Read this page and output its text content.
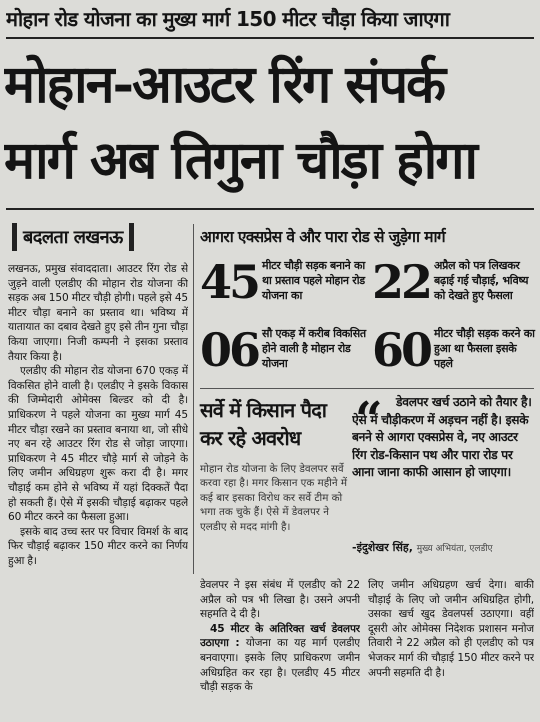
मोहान रोड योजना का मुख्य मार्ग 150 मीटर चौड़ा किया जाएगा
मोहान-आउटर रिंग संपर्क
मार्ग अब तिगुना चौड़ा होगा
बदलता लखनऊ	आगरा एक्सप्रेस वे और पारा रोड से जुड़ेगा मार्ग

लखनऊ, प्रमुख संवाददाता। आउटर रिंग रोड से जुड़ने वाली एलडीए की मोहान रोड योजना की सड़क अब 150 मीटर चौड़ी होगी। पहले इसे 45 मीटर चौड़ा बनाने का प्रस्ताव था। भविष्य में यातायात का दबाव देखते हुए इसे तीन गुना चौड़ा किया जाएगा। निजी कम्पनी ने इसका प्रस्ताव तैयार किया है।

एलडीए की मोहान रोड योजना 670 एकड़ में विकसित होने वाली है। एलडीए ने इसके विकास की जिम्मेदारी ओमेक्स बिल्डर को दी है। प्राधिकरण ने पहले योजना का मुख्य मार्ग 45 मीटर चौड़ा रखने का प्रस्ताव बनाया था, जो सीधे नए बन रहे आउटर रिंग रोड से जोड़ा जाएगा। प्राधिकरण ने 45 मीटर चौड़े मार्ग से जोड़ने के लिए जमीन अधिग्रहण शुरू करा दी है। मगर चौड़ाई कम होने से भविष्य में यहां दिक्कतें पैदा हो सकती हैं। ऐसे में इसकी चौड़ाई बढ़ाकर पहले 60 मीटर करने का फैसला हुआ।

इसके बाद उच्च स्तर पर विचार विमर्श के बाद फिर चौड़ाई बढ़ाकर 150 मीटर करने का निर्णय हुआ है।

45 मीटर चौड़ी सड़क बनाने का था प्रस्ताव पहले मोहान रोड योजना का	22 अप्रैल को पत्र लिखकर बढ़ाई गई चौड़ाई, भविष्य को देखते हुए फैसला
06 सौ एकड़ में करीब विकसित होने वाली है मोहान रोड योजना	60 मीटर चौड़ी सड़क करने का हुआ था फैसला इसके पहले
सर्वे में किसान पैदा कर रहे अवरोध
मोहान रोड योजना के लिए डेवलपर सर्वे करवा रहा है। मगर किसान एक महीने में कई बार इसका विरोध कर सर्वे टीम को भगा तक चुके हैं। ऐसे में डेवलपर ने एलडीए से मदद मांगी है।
“	डेवलपर खर्च उठाने को तैयार है। ऐसे में चौड़ीकरण में अड़चन नहीं है। इसके बनने से आगरा एक्सप्रेस वे, नए आउटर रिंग रोड-किसान पथ और पारा रोड पर आना जाना काफी आसान हो जाएगा।
-इंदुशेखर सिंह, मुख्य अभियंता, एलडीए

डेवलपर ने इस संबंध में एलडीए को 22 अप्रैल को पत्र भी लिखा है। उसने अपनी सहमति दे दी है।

45 मीटर के अतिरिक्त खर्च डेवलपर उठाएगा : योजना का यह मार्ग एलडीए बनवाएगा। इसके लिए प्राधिकरण जमीन अधिग्रहित कर रहा है। एलडीए 45 मीटर चौड़ी सड़क के

लिए जमीन अधिग्रहण खर्च देगा। बाकी चौड़ाई के लिए जो जमीन अधिग्रहित होगी, उसका खर्च खुद डेवलपर्स उठाएगा। वहीं दूसरी ओर ओमेक्स निदेशक प्रशासन मनोज तिवारी ने 22 अप्रैल को ही एलडीए को पत्र भेजकर मार्ग की चौड़ाई 150 मीटर करने पर अपनी सहमति दी है।
